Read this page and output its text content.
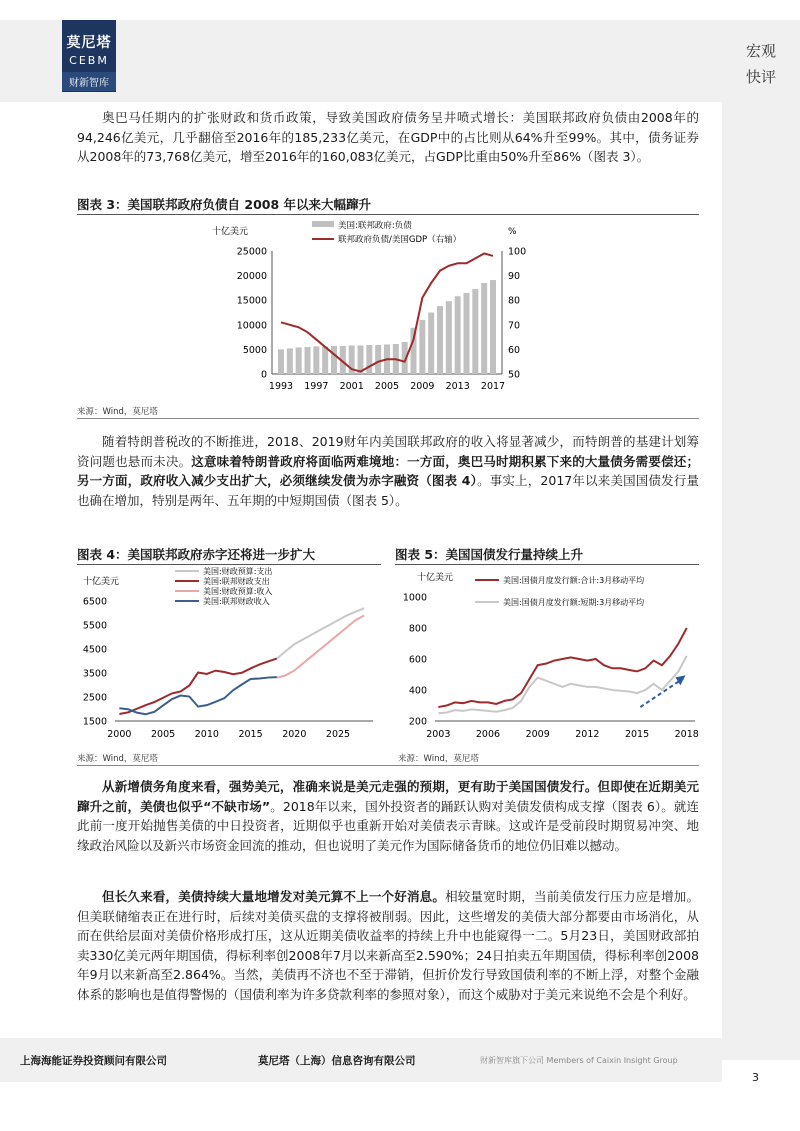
莫尼塔
CEBM
财新智库
宏观
快评
奥巴马任期内的扩张财政和货币政策，导致美国政府债务呈井喷式增长：美国联邦政府负债由2008年的94,246亿美元，几乎翻倍至2016年的185,233亿美元，在GDP中的占比则从64%升至99%。其中，债务证券从2008年的73,768亿美元，增至2016年的160,083亿美元，占GDP比重由50%升至86%（图表 3）。
图表 3：美国联邦政府负债自 2008 年以来大幅蹿升
十亿美元	%
0
5000
10000
15000
20000
25000
50
60
70
80
90
100
1993 1997 2001 2005 2009 2013 2017
美国:联邦政府:负债
联邦政府负债/美国GDP（右轴）
来源：Wind，莫尼塔
随着特朗普税改的不断推进，2018、2019财年内美国联邦政府的收入将显著减少，而特朗普的基建计划筹资问题也悬而未决。这意味着特朗普政府将面临两难境地：一方面，奥巴马时期积累下来的大量债务需要偿还；另一方面，政府收入减少支出扩大，必须继续发债为赤字融资（图表 4）。事实上，2017年以来美国国债发行量也确在增加，特别是两年、五年期的中短期国债（图表 5）。
图表 4：美国联邦政府赤字还将进一步扩大	图表 5：美国国债发行量持续上升
十亿美元
1500
2500
3500
4500
5500
6500
2000 2005 2010 2015 2020 2025
美国:财政预算:支出
美国:联邦财政支出
美国:财政预算:收入
美国:联邦财政收入
十亿美元
200
400
600
800
1000
2003	2006	2009	2012	2015	2018
美国:国债月度发行额:合计:3月移动平均
美国:国债月度发行额:短期:3月移动平均
来源：Wind，莫尼塔	来源：Wind，莫尼塔
从新增债务角度来看，强势美元，准确来说是美元走强的预期，更有助于美国国债发行。但即使在近期美元蹿升之前，美债也似乎“不缺市场”。2018年以来，国外投资者的踊跃认购对美债发债构成支撑（图表 6）。就连此前一度开始抛售美债的中日投资者，近期似乎也重新开始对美债表示青睐。这或许是受前段时期贸易冲突、地缘政治风险以及新兴市场资金回流的推动，但也说明了美元作为国际储备货币的地位仍旧难以撼动。
但长久来看，美债持续大量地增发对美元算不上一个好消息。相较量宽时期，当前美债发行压力应是增加。但美联储缩表正在进行时，后续对美债买盘的支撑将被削弱。因此，这些增发的美债大部分都要由市场消化，从而在供给层面对美债价格形成打压，这从近期美债收益率的持续上升中也能窥得一二。5月23日，美国财政部拍卖330亿美元两年期国债，得标利率创2008年7月以来新高至2.590%；24日拍卖五年期国债，得标利率创2008年9月以来新高至2.864%。当然，美债再不济也不至于滞销，但折价发行导致国债利率的不断上浮，对整个金融体系的影响也是值得警惕的（国债利率为许多贷款利率的参照对象），而这个威胁对于美元来说绝不会是个利好。
上海海能证券投资顾问有限公司	莫尼塔（上海）信息咨询有限公司	财新智库旗下公司 Members of Caixin Insight Group
3
